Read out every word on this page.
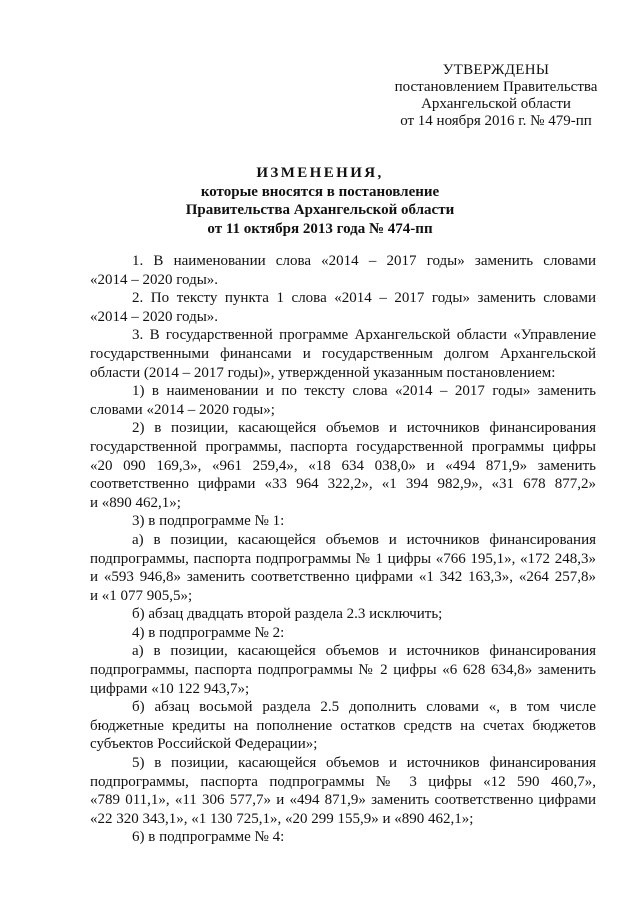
УТВЕРЖДЕНЫ
постановлением Правительства
Архангельской области
от 14 ноября 2016 г. № 479-пп
ИЗМЕНЕНИЯ,
которые вносятся в постановление
Правительства Архангельской области
от 11 октября 2013 года № 474-пп
1. В наименовании слова «2014 – 2017 годы» заменить словами
«2014 – 2020 годы».
2. По тексту пункта 1 слова «2014 – 2017 годы» заменить словами
«2014 – 2020 годы».
3. В государственной программе Архангельской области «Управление
государственными финансами и государственным долгом Архангельской
области (2014 – 2017 годы)», утвержденной указанным постановлением:
1) в наименовании и по тексту слова «2014 – 2017 годы» заменить
словами «2014 – 2020 годы»;
2) в позиции, касающейся объемов и источников финансирования
государственной программы, паспорта государственной программы цифры
«20 090 169,3», «961 259,4», «18 634 038,0» и «494 871,9» заменить
соответственно цифрами «33 964 322,2», «1 394 982,9», «31 678 877,2»
и «890 462,1»;
3) в подпрограмме № 1:
а) в позиции, касающейся объемов и источников финансирования
подпрограммы, паспорта подпрограммы № 1 цифры «766 195,1», «172 248,3»
и «593 946,8» заменить соответственно цифрами «1 342 163,3», «264 257,8»
и «1 077 905,5»;
б) абзац двадцать второй раздела 2.3 исключить;
4) в подпрограмме № 2:
а) в позиции, касающейся объемов и источников финансирования
подпрограммы, паспорта подпрограммы № 2 цифры «6 628 634,8» заменить
цифрами «10 122 943,7»;
б) абзац восьмой раздела 2.5 дополнить словами «, в том числе
бюджетные кредиты на пополнение остатков средств на счетах бюджетов
субъектов Российской Федерации»;
5) в позиции, касающейся объемов и источников финансирования
подпрограммы, паспорта подпрограммы № 3 цифры «12 590 460,7»,
«789 011,1», «11 306 577,7» и «494 871,9» заменить соответственно цифрами
«22 320 343,1», «1 130 725,1», «20 299 155,9» и «890 462,1»;
6) в подпрограмме № 4:
